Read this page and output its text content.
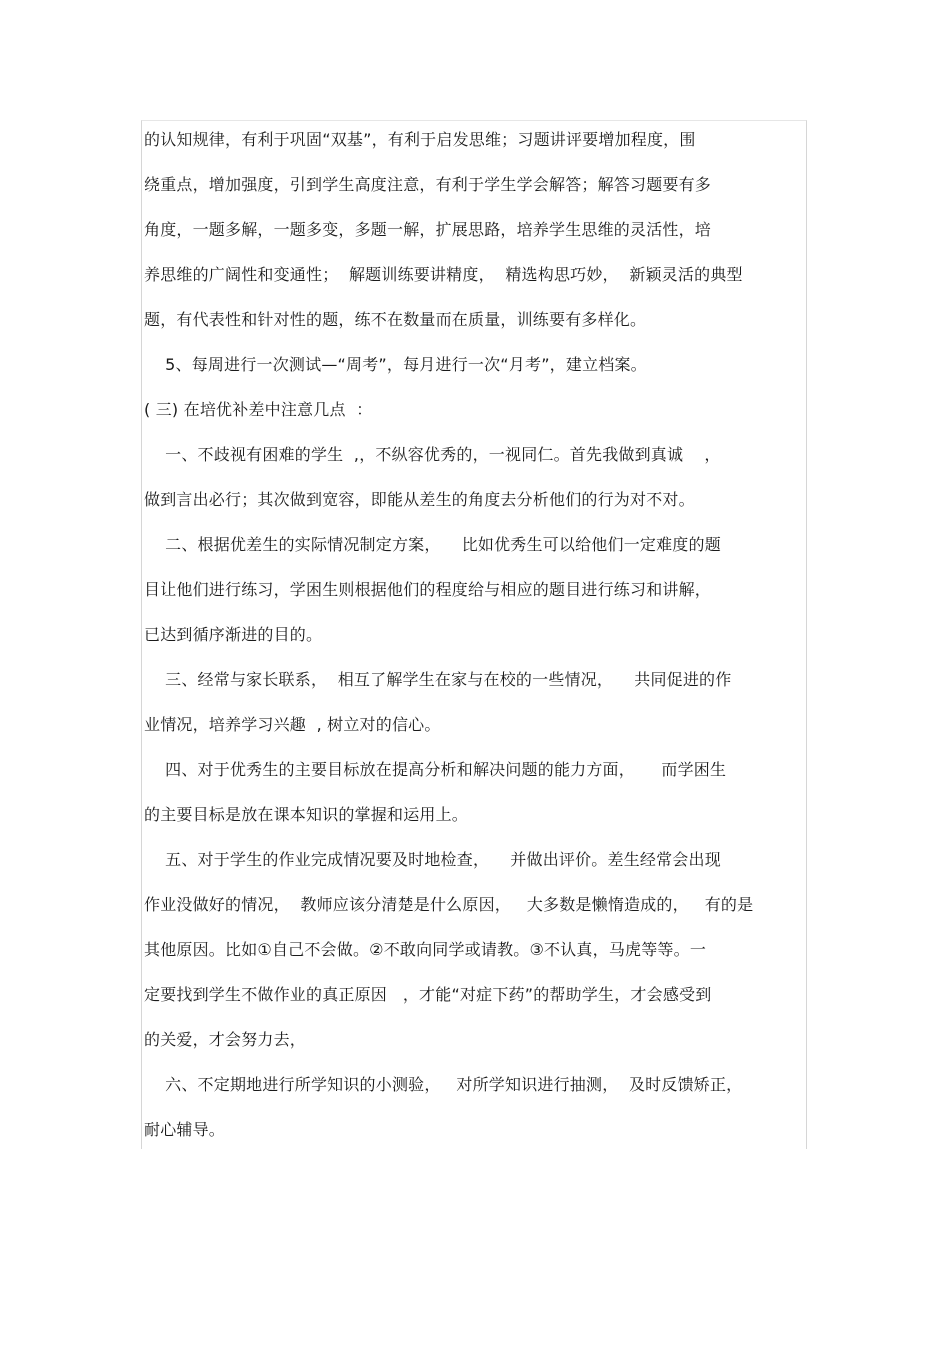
的认知规律，有利于巩固“双基”，有利于启发思维；习题讲评要增加程度，围
绕重点，增加强度，引到学生高度注意，有利于学生学会解答；解答习题要有多
角度，一题多解，一题多变，多题一解，扩展思路，培养学生思维的灵活性，培
养思维的广阔性和变通性；  解题训练要讲精度，  精选构思巧妙，  新颖灵活的典型
题，有代表性和针对性的题，练不在数量而在质量，训练要有多样化。
5、每周进行一次测试—“周考”，每月进行一次“月考”，建立档案。
( 三) 在培优补差中注意几点  ：
一、不歧视有困难的学生  ,，不纵容优秀的，一视同仁。首先我做到真诚    ，
做到言出必行；其次做到宽容，即能从差生的角度去分析他们的行为对不对。
二、根据优差生的实际情况制定方案，    比如优秀生可以给他们一定难度的题
目让他们进行练习，学困生则根据他们的程度给与相应的题目进行练习和讲解，
已达到循序渐进的目的。
三、经常与家长联系，  相互了解学生在家与在校的一些情况，    共同促进的作
业情况，培养学习兴趣  , 树立对的信心。
四、对于优秀生的主要目标放在提高分析和解决问题的能力方面，     而学困生
的主要目标是放在课本知识的掌握和运用上。
五、对于学生的作业完成情况要及时地检查，    并做出评价。差生经常会出现
作业没做好的情况，  教师应该分清楚是什么原因，   大多数是懒惰造成的，   有的是
其他原因。比如①自己不会做。②不敢向同学或请教。③不认真，马虎等等。一
定要找到学生不做作业的真正原因   ，才能“对症下药”的帮助学生，才会感受到
的关爱，才会努力去，
六、不定期地进行所学知识的小测验，   对所学知识进行抽测，  及时反馈矫正，
耐心辅导。
